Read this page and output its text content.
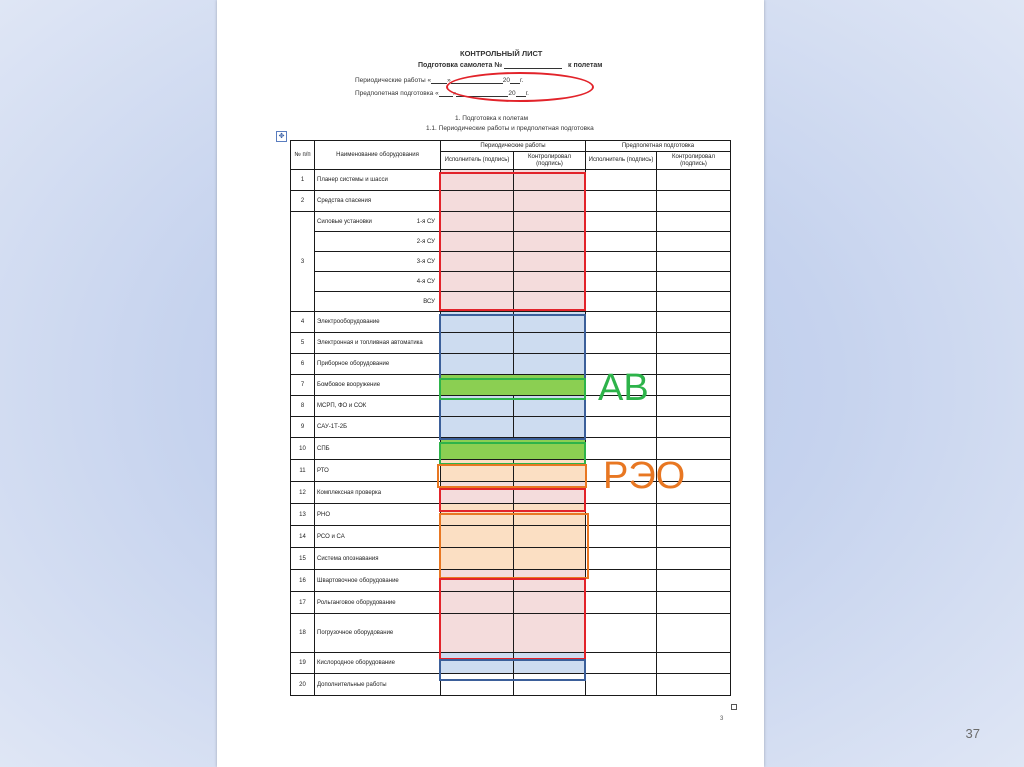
КОНТРОЛЬНЫЙ ЛИСТ
Подготовка самолета №	к полетам
Периодические работы « »	20 г.
Предполетная подготовка « »	20 г.
1. Подготовка к полетам
1.1. Периодические работы и предполетная подготовка
✥
№ п/п	Наименование оборудования	Периодические работы		Предполетная подготовка	
		Исполнитель (подпись)	Контролировал (подпись)	Исполнитель (подпись)	Контролировал (подпись)
1	Планер системы и шасси				
2	Средства спасения				
3	Силовые установки 1-я СУ				

	2-я СУ				
	3-я СУ				
	4-я СУ				
	ВСУ				
4	Электрооборудование				
5	Электронная и топливная автоматика				
6	Приборное оборудование				
7	Бомбовое вооружение				
8	МСРП, ФО и СОК				
9	САУ-1Т-2Б				
10	СПБ				
11	РТО				
12	Комплексная проверка				
13	РНО				
14	РСО и СА				
15	Система опознавания				
16	Швартовочное оборудование				
17	Рольганговое оборудование				
18	Погрузочное оборудование				
19	Кислородное оборудование				
20	Дополнительные работы				
АВ
РЭО
3
37
